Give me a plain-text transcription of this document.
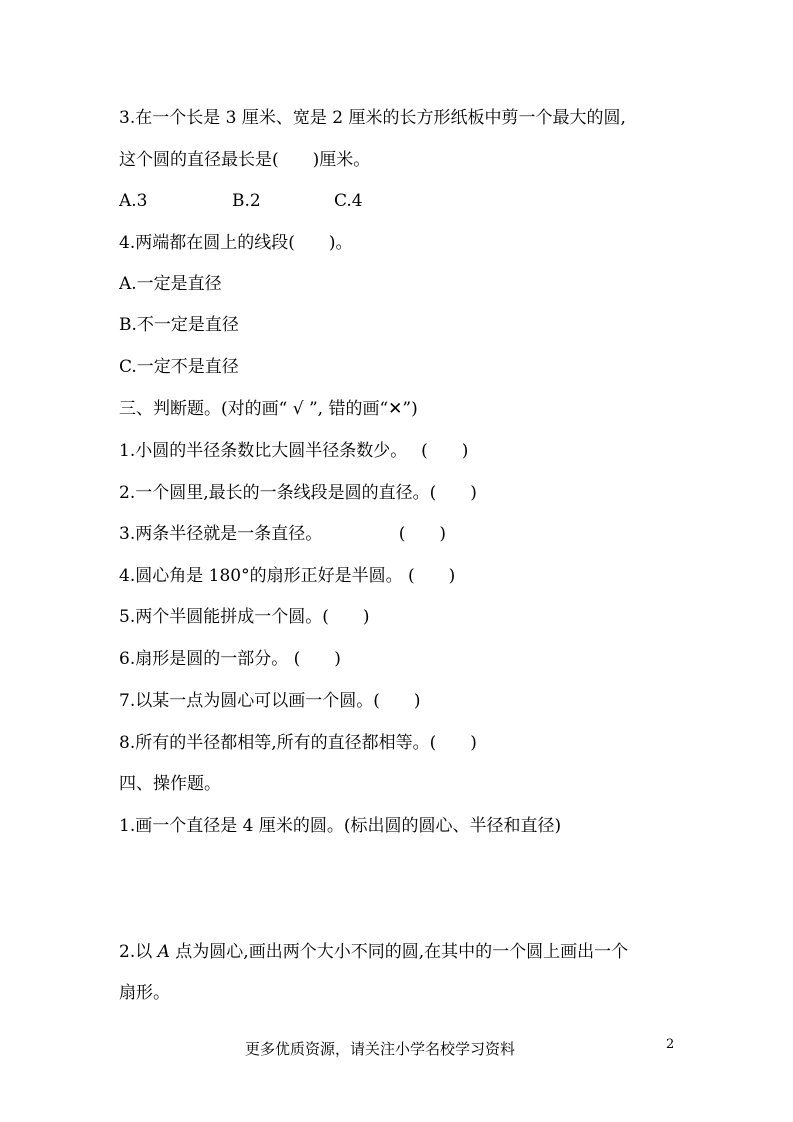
3.在一个长是 3 厘米、宽是 2 厘米的长方形纸板中剪一个最大的圆,
这个圆的直径最长是(　　)厘米。
A.3	B.2	C.4
4.两端都在圆上的线段(　　)。
A.一定是直径
B.不一定是直径
C.一定不是直径
三、判断题。(对的画“ √ ”, 错的画“✕”)
1.小圆的半径条数比大圆半径条数少。　 (　　)
2.一个圆里,最长的一条线段是圆的直径。(　　)
3.两条半径就是一条直径。　　　　　(　　)
4.圆心角是 180°的扇形正好是半圆。 (　　)
5.两个半圆能拼成一个圆。(　　)
6.扇形是圆的一部分。 (　　)
7.以某一点为圆心可以画一个圆。(　　)
8.所有的半径都相等,所有的直径都相等。(　　)
四、操作题。
1.画一个直径是 4 厘米的圆。(标出圆的圆心、半径和直径)
2.以 A 点为圆心,画出两个大小不同的圆,在其中的一个圆上画出一个
扇形。
更多优质资源，请关注小学名校学习资料	2
